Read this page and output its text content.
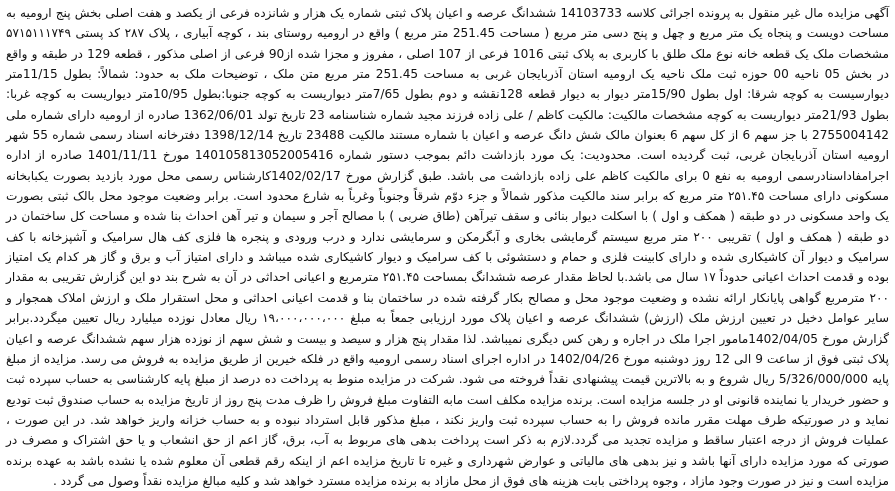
آگهی مزایده مال غیر منقول به پرونده اجرائی کلاسه 14103733 ششدانگ عرصه و اعیان پلاک ثبتی شماره یک هزار و شانزده فرعی از یکصد و هفت اصلی بخش پنج ارومیه به مساحت دویست و پنجاه یک متر مربع و چهل و پنج دسی متر مربع ( مساحت 251.45 متر مربع ) واقع در ارومیه روستای بند ، کوچه آبیاری ، پلاک ۲۸۷ کد پستی ۵۷۱۵۱۱۱۷۴۹ مشخصات ملک یک قطعه خانه نوع ملک طلق با کاربری به پلاک ثبتی 1016 فرعی از 107 اصلی ، مفروز و مجزا شده از90 فرعی از اصلی مذکور ، قطعه 129 در طبقه و واقع در بخش 05 ناحیه 00 حوزه ثبت ملک ناحیه یک ارومیه استان آذربایجان غربی به مساحت 251.45 متر مربع متن ملک ، توضیحات ملک به حدود: شمالاً: بطول 11/15متر دیوارسیست به کوچه شرقا: اول بطول 15/90متر دیوار به دیوار قطعه 128نقشه و دوم بطول 7/65متر دیواریست به کوچه جنوبا:بطول 10/95متر دیواریست به کوچه غربا: بطول 21/93متر دیواریست به کوچه مشخصات مالکیت: مالکیت کاظم / علی زاده فرزند مجید شماره شناسنامه 23 تاریخ تولد 1362/06/01 صادره از ارومیه دارای شماره ملی 2755004142 با جز سهم 6 از کل سهم 6 بعنوان مالک شش دانگ عرصه و اعیان با شماره مستند مالکیت 23488 تاریخ 1398/12/14 دفترخانه اسناد رسمی شماره 55 شهر ارومیه استان آذربایجان غربی، ثبت گردیده است. محدودیت: یک مورد بازداشت دائم بموجب دستور شماره 140105813052005416 مورخ 1401/11/11 صادره از اداره اجرامفاداسنادرسمی ارومیه به نفع 0 برای مالکیت کاظم علی زاده بازداشت می باشد. طبق گزارش مورخ 1402/02/17کارشناس رسمی محل مورد بازدید بصورت یکبابخانه مسکونی دارای مساحت ۲۵۱.۴۵ متر مربع که برابر سند مالکیت مذکور شمالاً و جزء دوّم شرقاً وجنوباً وغرباً به شارع محدود است. برابر وضعیت موجود محل بالک ثبتی بصورت یک واحد مسکونی در دو طبقه ( همکف و اول ) با اسکلت دیوار بنائی و سقف تیرآهن (طاق ضربی ) با مصالح آجر و سیمان و تیر آهن احداث بنا شده و مساحت کل ساختمان در دو طبقه ( همکف و اول ) تقریبی ۲۰۰ متر مربع سیستم گرمایشی بخاری و آبگرمکن و سرمایشی ندارد و درب ورودی و پنجره ها فلزی کف هال سرامیک و آشپزخانه با کف سرامیک و دیوار آن کاشیکاری شده و دارای کابینت فلزی و حمام و دستشوئی با کف سرامیک و دیوار کاشیکاری شده میباشد و دارای امتیاز آب و برق و گاز هر کدام یک امتیاز بوده و قدمت احداث اعیانی حدوداً ۱۷ سال می باشد.با لحاظ مقدار عرصه ششدانگ بمساحت ۲۵۱.۴۵ مترمربع و اعیانی احداثی در آن به شرح بند دو این گزارش تقریبی به مقدار ۲۰۰ مترمربع گواهی پایانکار ارائه نشده و وضعیت موجود محل و مصالح بکار گرفته شده در ساختمان بنا و قدمت اعیانی احداثی و محل استقرار ملک و ارزش املاک همجوار و سایر عوامل دخیل در تعیین ارزش ملک (ارزش) ششدانگ عرصه و اعیان پلاک مورد ارزیابی جمعاً به مبلغ ۱۹،۰۰۰،۰۰۰،۰۰۰ ریال معادل نوزده میلیارد ریال تعیین میگردد.برابر گزارش مورخ 1402/04/05مامور اجرا ملک در اجاره و رهن کس دیگری نمیباشد. لذا مقدار پنج هزار و سیصد و بیست و شش سهم از نوزده هزار سهم ششدانگ عرصه و اعیان پلاک ثبتی فوق از ساعت 9 الی 12 روز دوشنبه مورخ 1402/04/26 در اداره اجرای اسناد رسمی ارومیه واقع در فلکه خیرین از طریق مزایده به فروش می رسد. مزایده از مبلغ پایه 5/326/000/000 ریال شروع و به بالاترین قیمت پیشنهادی نقداً فروخته می شود. شرکت در مزایده منوط به پرداخت ده درصد از مبلغ پایه کارشناسی به حساب سپرده ثبت و حضور خریدار یا نماینده قانونی او در جلسه مزایده است. برنده مزایده مکلف است مابه التفاوت مبلغ فروش را ظرف مدت پنج روز از تاریخ مزایده به حساب صندوق ثبت تودیع نماید و در صورتیکه طرف مهلت مقرر مانده فروش را به حساب سپرده ثبت واریز نکند ، مبلغ مذکور قابل استرداد نبوده و به حساب خزانه واریز خواهد شد. در این صورت ، عملیات فروش از درجه اعتبار ساقط و مزایده تجدید می گردد.لازم به ذکر است پرداخت بدهی های مربوط به آب، برق، گاز اعم از حق انشعاب و یا حق اشتراک و مصرف در صورتی که مورد مزایده دارای آنها باشد و نیز بدهی های مالیاتی و عوارض شهرداری و غیره تا تاریخ مزایده اعم از اینکه رقم قطعی آن معلوم شده یا نشده باشد به عهده برنده مزایده است و نیز در صورت وجود مازاد ، وجوه پرداختی بابت هزینه های فوق از محل مازاد به برنده مزایده مسترد خواهد شد و کلیه مبالغ مزایده نقداً وصول می گردد .
